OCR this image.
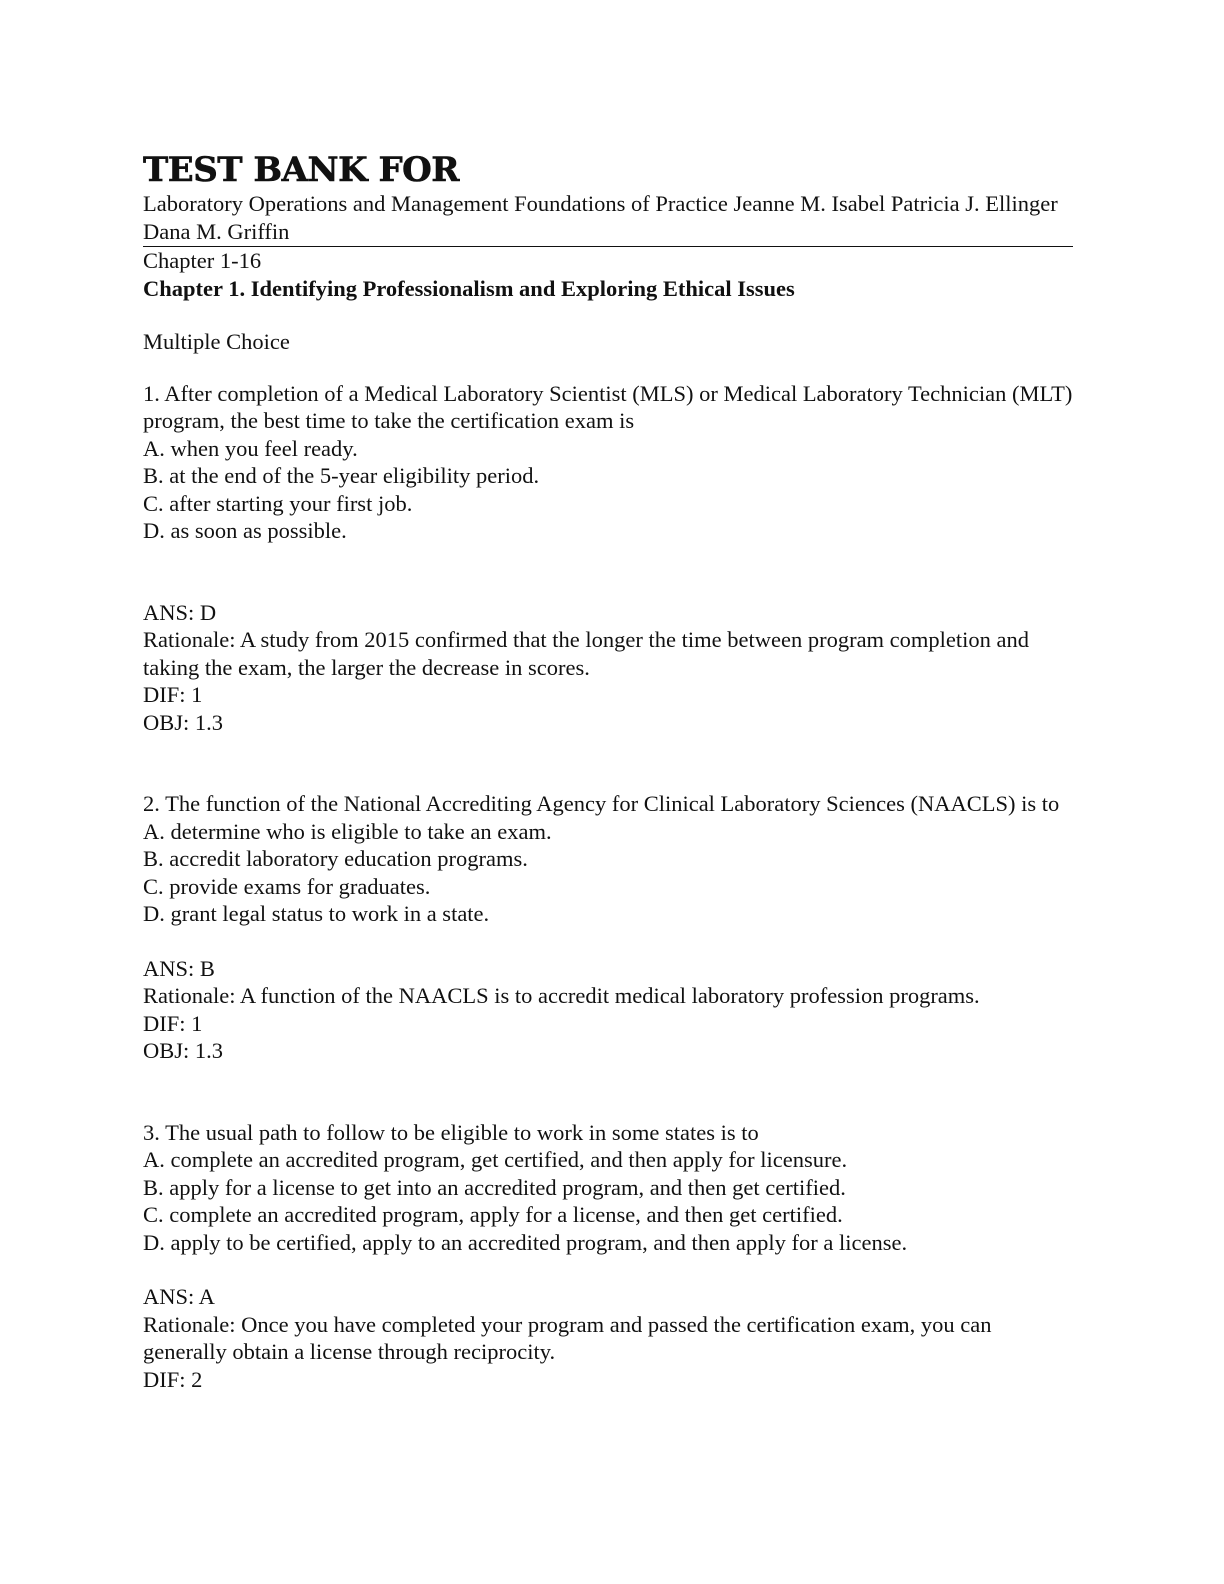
TEST BANK FOR

Laboratory Operations and Management Foundations of Practice Jeanne M. Isabel Patricia J. Ellinger Dana M. Griffin

Chapter 1-16

Chapter 1. Identifying Professionalism and Exploring Ethical Issues

Multiple Choice

1. After completion of a Medical Laboratory Scientist (MLS) or Medical Laboratory Technician (MLT) program, the best time to take the certification exam is

A. when you feel ready.

B. at the end of the 5-year eligibility period.

C. after starting your first job.

D. as soon as possible.

ANS: D

Rationale: A study from 2015 confirmed that the longer the time between program completion and taking the exam, the larger the decrease in scores.

DIF: 1

OBJ: 1.3

2. The function of the National Accrediting Agency for Clinical Laboratory Sciences (NAACLS) is to

A. determine who is eligible to take an exam.

B. accredit laboratory education programs.

C. provide exams for graduates.

D. grant legal status to work in a state.

ANS: B

Rationale: A function of the NAACLS is to accredit medical laboratory profession programs.

DIF: 1

OBJ: 1.3

3. The usual path to follow to be eligible to work in some states is to

A. complete an accredited program, get certified, and then apply for licensure.

B. apply for a license to get into an accredited program, and then get certified.

C. complete an accredited program, apply for a license, and then get certified.

D. apply to be certified, apply to an accredited program, and then apply for a license.

ANS: A

Rationale: Once you have completed your program and passed the certification exam, you can generally obtain a license through reciprocity.

DIF: 2
